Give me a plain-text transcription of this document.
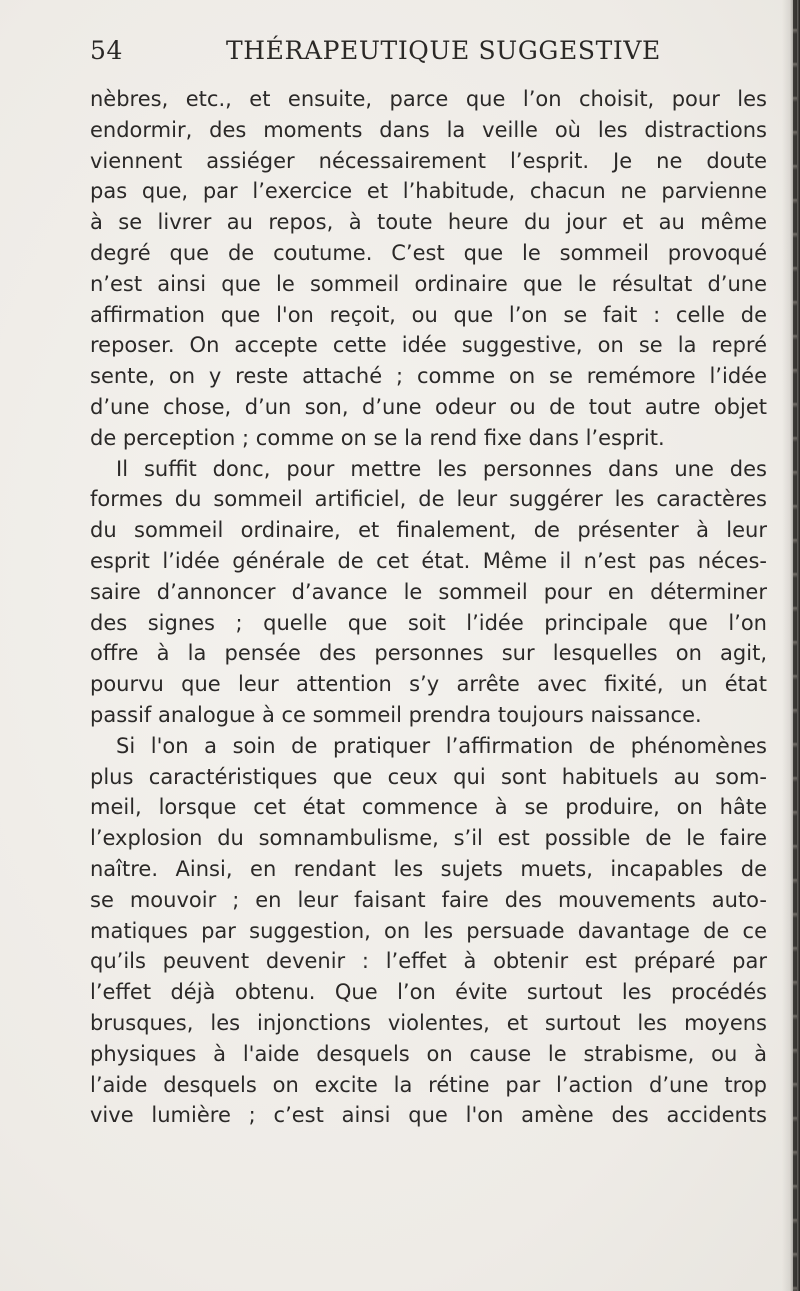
54	THÉRAPEUTIQUE SUGGESTIVE
nèbres, etc., et ensuite, parce que l’on choisit, pour les
endormir, des moments dans la veille où les distractions
viennent assiéger nécessairement l’esprit. Je ne doute
pas que, par l’exercice et l’habitude, chacun ne parvienne
à se livrer au repos, à toute heure du jour et au même
degré que de coutume. C’est que le sommeil provoqué
n’est ainsi que le sommeil ordinaire que le résultat d’une
affirmation que l'on reçoit, ou que l’on se fait : celle de
reposer. On accepte cette idée suggestive, on se la repré
sente, on y reste attaché ; comme on se remémore l’idée
d’une chose, d’un son, d’une odeur ou de tout autre objet
de perception ; comme on se la rend fixe dans l’esprit.
Il suffit donc, pour mettre les personnes dans une des
formes du sommeil artificiel, de leur suggérer les caractères
du sommeil ordinaire, et finalement, de présenter à leur
esprit l’idée générale de cet état. Même il n’est pas néces-
saire d’annoncer d’avance le sommeil pour en déterminer
des signes ; quelle que soit l’idée principale que l’on
offre à la pensée des personnes sur lesquelles on agit,
pourvu que leur attention s’y arrête avec fixité, un état
passif analogue à ce sommeil prendra toujours naissance.
Si l'on a soin de pratiquer l’affirmation de phénomènes
plus caractéristiques que ceux qui sont habituels au som-
meil, lorsque cet état commence à se produire, on hâte
l’explosion du somnambulisme, s’il est possible de le faire
naître. Ainsi, en rendant les sujets muets, incapables de
se mouvoir ; en leur faisant faire des mouvements auto-
matiques par suggestion, on les persuade davantage de ce
qu’ils peuvent devenir : l’effet à obtenir est préparé par
l’effet déjà obtenu. Que l’on évite surtout les procédés
brusques, les injonctions violentes, et surtout les moyens
physiques à l'aide desquels on cause le strabisme, ou à
l’aide desquels on excite la rétine par l’action d’une trop
vive lumière ; c’est ainsi que l'on amène des accidents
